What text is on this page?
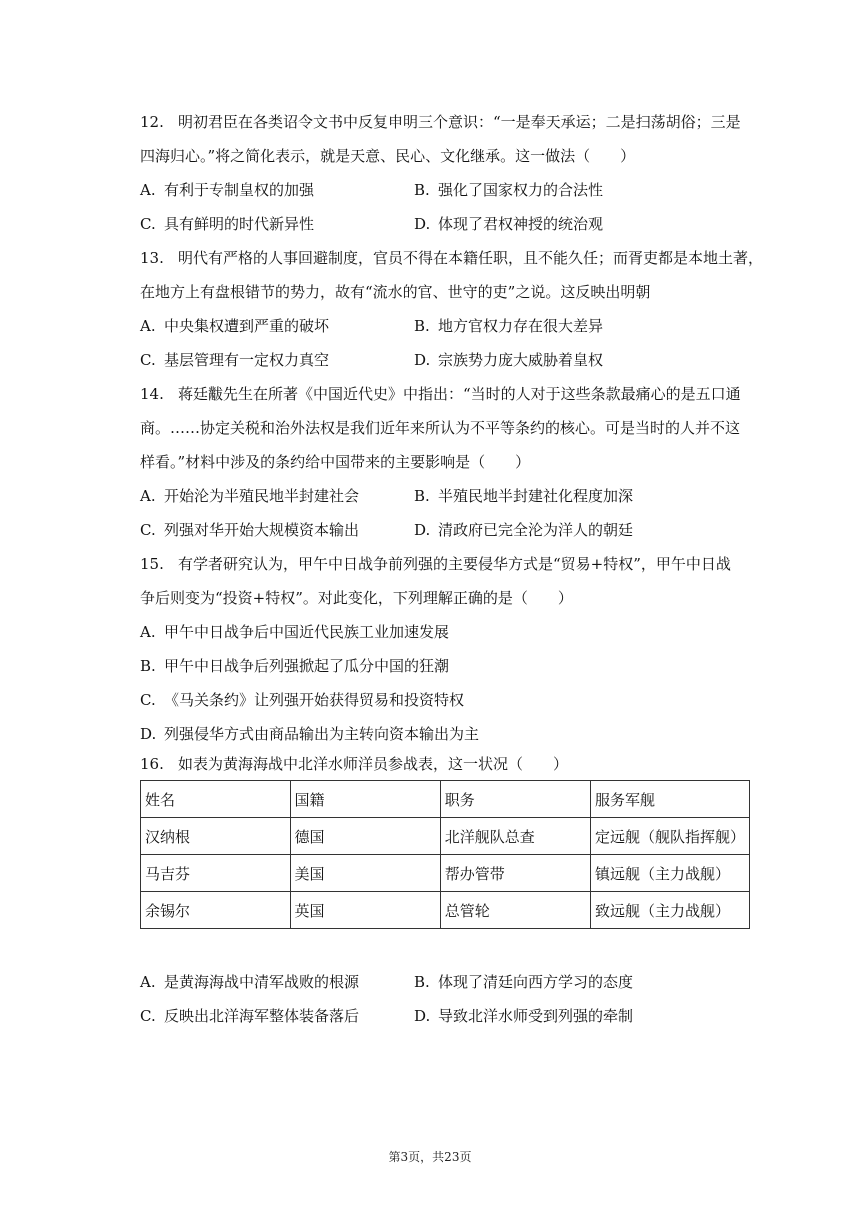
12. 明初君臣在各类诏令文书中反复申明三个意识：“一是奉天承运；二是扫荡胡俗；三是
四海归心。”将之简化表示，就是天意、民心、文化继承。这一做法（　　）
A. 有利于专制皇权的加强	B. 强化了国家权力的合法性
C. 具有鲜明的时代新异性	D. 体现了君权神授的统治观
13. 明代有严格的人事回避制度，官员不得在本籍任职，且不能久任；而胥吏都是本地土著，
在地方上有盘根错节的势力，故有“流水的官、世守的吏”之说。这反映出明朝
A. 中央集权遭到严重的破坏	B. 地方官权力存在很大差异
C. 基层管理有一定权力真空	D. 宗族势力庞大威胁着皇权
14. 蒋廷黻先生在所著《中国近代史》中指出：“当时的人对于这些条款最痛心的是五口通
商。……协定关税和治外法权是我们近年来所认为不平等条约的核心。可是当时的人并不这
样看。”材料中涉及的条约给中国带来的主要影响是（　　）
A. 开始沦为半殖民地半封建社会	B. 半殖民地半封建社化程度加深
C. 列强对华开始大规模资本输出	D. 清政府已完全沦为洋人的朝廷
15. 有学者研究认为，甲午中日战争前列强的主要侵华方式是“贸易+特权”，甲午中日战
争后则变为“投资+特权”。对此变化，下列理解正确的是（　　）
A. 甲午中日战争后中国近代民族工业加速发展
B. 甲午中日战争后列强掀起了瓜分中国的狂潮
C. 《马关条约》让列强开始获得贸易和投资特权
D. 列强侵华方式由商品输出为主转向资本输出为主
16. 如表为黄海海战中北洋水师洋员参战表，这一状况（　　）
姓名	国籍	职务	服务军舰
汉纳根	德国	北洋舰队总查	定远舰（舰队指挥舰）
马吉芬	美国	帮办管带	镇远舰（主力战舰）
余锡尔	英国	总管轮	致远舰（主力战舰）
A. 是黄海海战中清军战败的根源	B. 体现了清廷向西方学习的态度
C. 反映出北洋海军整体装备落后	D. 导致北洋水师受到列强的牵制
第3页，共23页
